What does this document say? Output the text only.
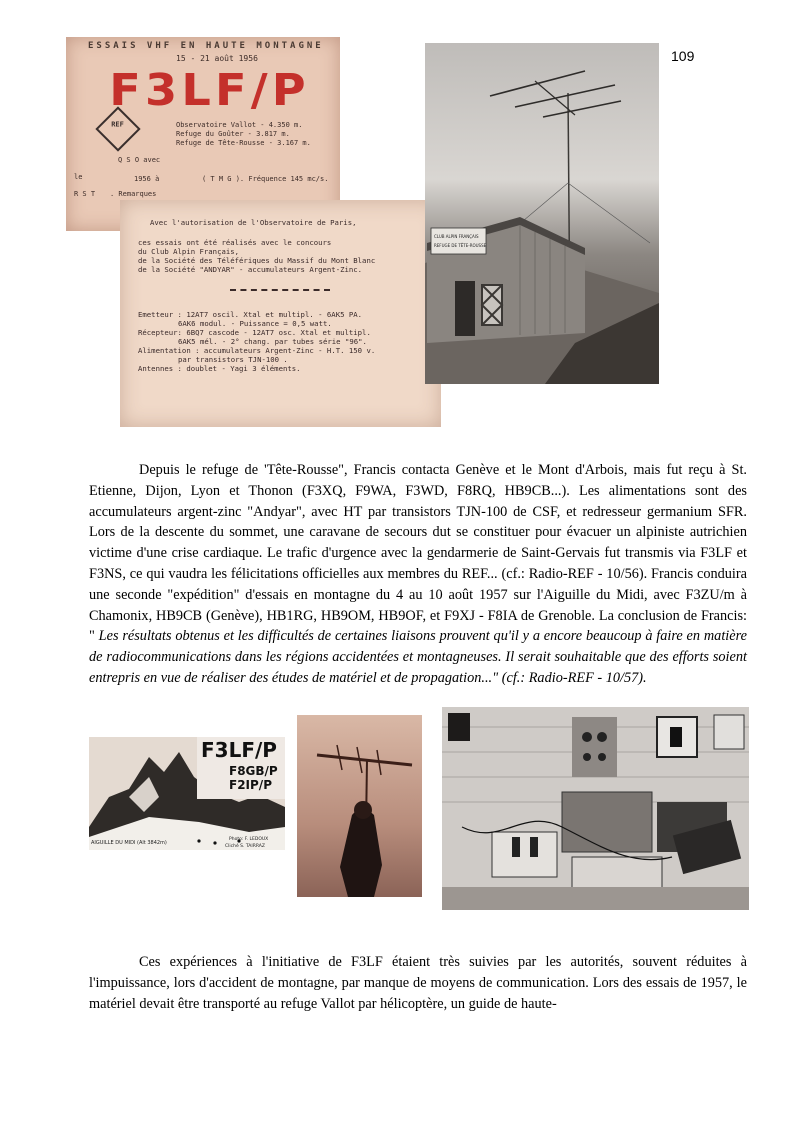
109
ESSAIS VHF EN HAUTE MONTAGNE
15 - 21 août 1956
F3LF/P
REF	Observatoire Vallot - 4.350 m.
Refuge du Goûter - 3.817 m.
Refuge de Tête-Rousse - 3.167 m.
Q S O avec
le	1956 à	( T M G ). Fréquence 145 mc/s.
R S T . Remarques
Avec l'autorisation de l'Observatoire de Paris,
ces essais ont été réalisés avec le concours
du Club Alpin Français,
de la Société des Téléfériques du Massif du Mont Blanc
de la Société "ANDYAR" - accumulateurs Argent-Zinc.
Emetteur : 12AT7 oscil. Xtal et multipl. - 6AK5 PA.
6AK6 modul. - Puissance = 0,5 watt.
Récepteur: 6BQ7 cascode - 12AT7 osc. Xtal et multipl.
6AK5 mél. - 2° chang. par tubes série "96".
Alimentation : accumulateurs Argent-Zinc - H.T. 150 v.
par transistors TJN-100 .
Antennes : doublet - Yagi 3 éléments.
CLUB ALPIN FRANÇAIS
REFUGE DE TÊTE-ROUSSE

Depuis le refuge de 'Tête-Rousse", Francis contacta Genève et le Mont d'Arbois, mais fut reçu à St. Etienne, Dijon, Lyon et Thonon (F3XQ, F9WA, F3WD, F8RQ, HB9CB...). Les alimentations sont des accumulateurs argent-zinc "Andyar", avec HT par transistors TJN-100 de CSF, et redresseur germanium SFR. Lors de la descente du sommet, une caravane de secours dut se constituer pour évacuer un alpiniste autrichien victime d'une crise cardiaque. Le trafic d'urgence avec la gendarmerie de Saint-Gervais fut transmis via F3LF et F3NS, ce qui vaudra les félicitations officielles aux membres du REF... (cf.: Radio-REF - 10/56). Francis conduira une seconde "expédition" d'essais en montagne du 4 au 10 août 1957 sur l'Aiguille du Midi, avec F3ZU/m à Chamonix, HB9CB (Genève), HB1RG, HB9OM, HB9OF, et F9XJ - F8IA de Grenoble. La conclusion de Francis: " Les résultats obtenus et les difficultés de certaines liaisons prouvent qu'il y a encore beaucoup à faire en matière de radiocommunications dans les régions accidentées et montagneuses. Il serait souhaitable que des efforts soient entrepris en vue de réaliser des études de matériel et de propagation..." (cf.: Radio-REF - 10/57).

F3LF/P
F8GB/P
F2IP/P
AIGUILLE DU MIDI (Alt 3842m)
Photo: F. LEDOUX
Cliché S. TAIRRAZ

Ces expériences à l'initiative de F3LF étaient très suivies par les autorités, souvent réduites à l'impuissance, lors d'accident de montagne, par manque de moyens de communication. Lors des essais de 1957, le matériel devait être transporté au refuge Vallot par hélicoptère, un guide de haute-
